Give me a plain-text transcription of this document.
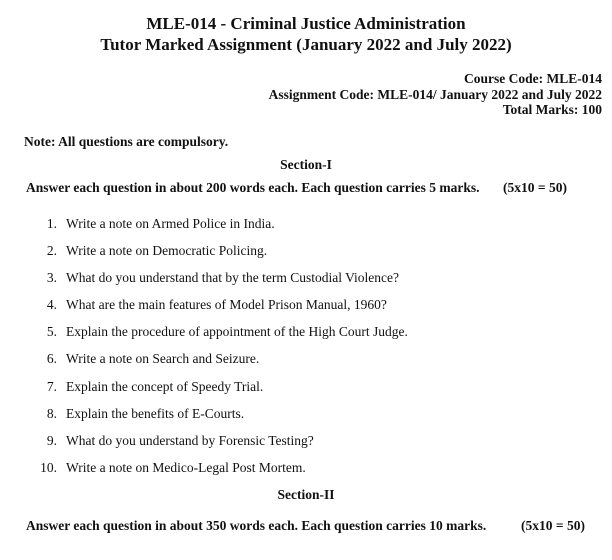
MLE-014 - Criminal Justice Administration
Tutor Marked Assignment (January 2022 and July 2022)
Course Code: MLE-014
Assignment Code: MLE-014/ January 2022 and July 2022
Total Marks: 100
Note: All questions are compulsory.
Section-I
Answer each question in about 200 words each. Each question carries 5 marks. (5x10 = 50)
1. Write a note on Armed Police in India.
2. Write a note on Democratic Policing.
3. What do you understand that by the term Custodial Violence?
4. What are the main features of Model Prison Manual, 1960?
5. Explain the procedure of appointment of the High Court Judge.
6. Write a note on Search and Seizure.
7. Explain the concept of Speedy Trial.
8. Explain the benefits of E-Courts.
9. What do you understand by Forensic Testing?
10. Write a note on Medico-Legal Post Mortem.
Section-II
Answer each question in about 350 words each. Each question carries 10 marks.	(5x10 = 50)
